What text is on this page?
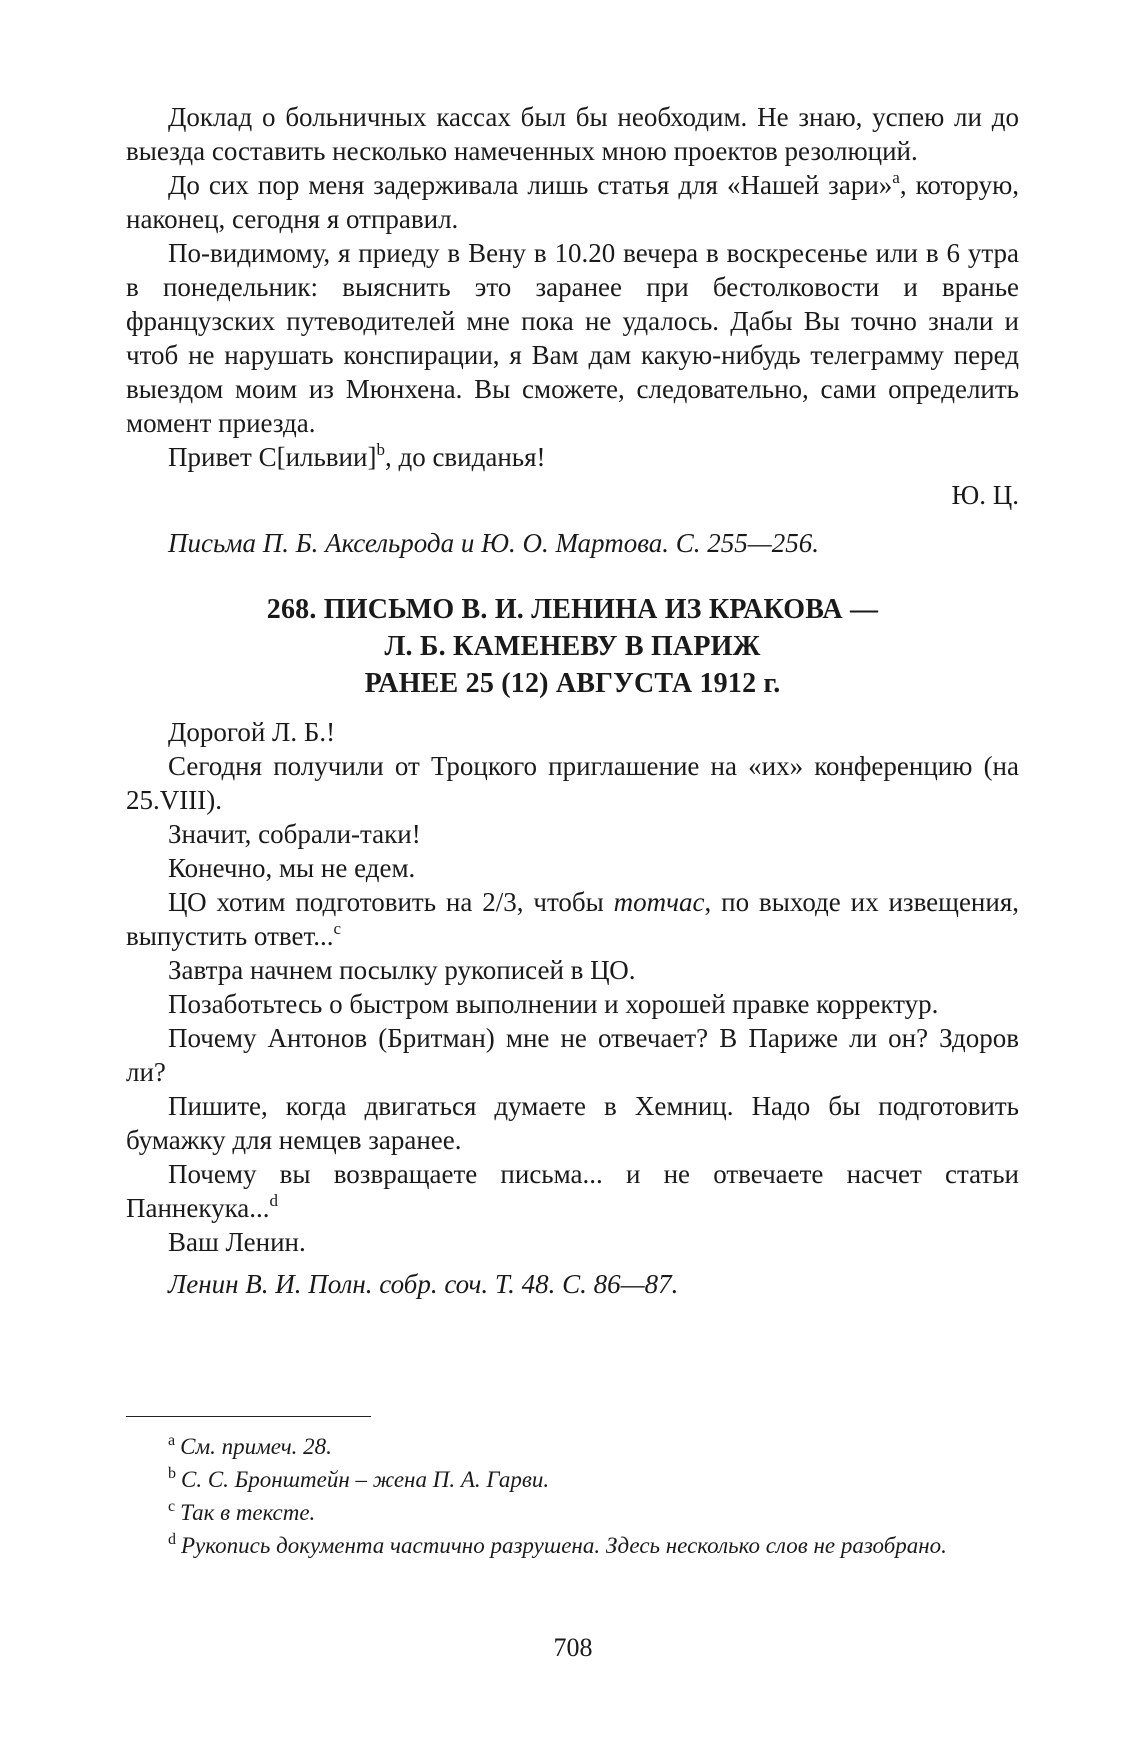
Доклад о больничных кассах был бы необходим. Не знаю, успею ли до выезда составить несколько намеченных мною проектов резолюций.

До сих пор меня задерживала лишь статья для «Нашей зари»$^a$, которую, наконец, сегодня я отправил.

По-видимому, я приеду в Вену в 10.20 вечера в воскресенье или в 6 утра в понедельник: выяснить это заранее при бестолковости и вранье французских путеводителей мне пока не удалось. Дабы Вы точно знали и чтоб не нарушать конспирации, я Вам дам какую-нибудь телеграмму перед выездом моим из Мюнхена. Вы сможете, следовательно, сами определить момент приезда.

Привет С[ильвии]$^b$, до свиданья!

Ю. Ц.

Письма П. Б. Аксельрода и Ю. О. Мартова. С. 255—256.

268. ПИСЬМО В. И. ЛЕНИНА ИЗ КРАКОВА —
Л. Б. КАМЕНЕВУ В ПАРИЖ
РАНЕЕ 25 (12) АВГУСТА 1912 г.

Дорогой Л. Б.!

Сегодня получили от Троцкого приглашение на «их» конференцию (на 25.VIII).

Значит, собрали-таки!

Конечно, мы не едем.

ЦО хотим подготовить на 2/3, чтобы тотчас, по выходе их извещения, выпустить ответ...$^c$

Завтра начнем посылку рукописей в ЦО.

Позаботьтесь о быстром выполнении и хорошей правке корректур.

Почему Антонов (Бритман) мне не отвечает? В Париже ли он? Здоров ли?

Пишите, когда двигаться думаете в Хемниц. Надо бы подготовить бумажку для немцев заранее.

Почему вы возвращаете письма... и не отвечаете насчет статьи Паннекука...$^d$

Ваш Ленин.

Ленин В. И. Полн. собр. соч. Т. 48. С. 86—87.

$^a$ См. примеч. 28.

$^b$ С. С. Бронштейн – жена П. А. Гарви.

$^c$ Так в тексте.

$^d$ Рукопись документа частично разрушена. Здесь несколько слов не разобрано.

708
